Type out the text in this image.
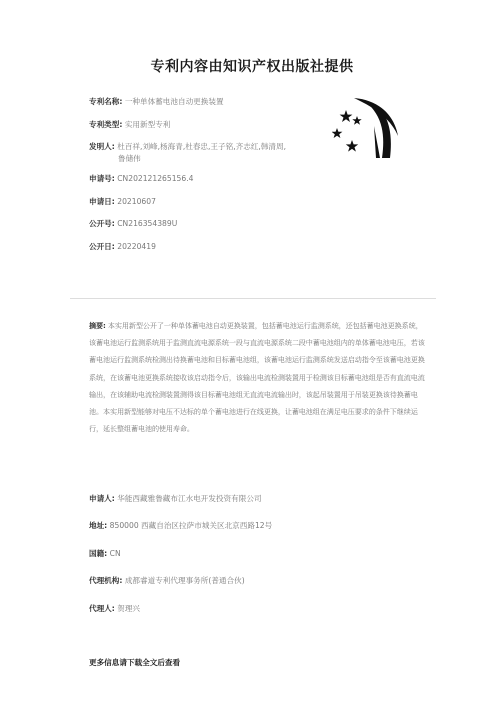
专利内容由知识产权出版社提供
专利名称: 一种单体蓄电池自动更换装置
专利类型: 实用新型专利
发明人: 杜百祥,刘峰,杨海青,杜春忠,王子铭,齐志红,韩清周,
鲁储伟
申请号: CN202121265156.4
申请日: 20210607
公开号: CN216354389U
公开日: 20220419
摘要: 本实用新型公开了一种单体蓄电池自动更换装置，包括蓄电池运行监测系统，还包括蓄电池更换系统，该蓄电池运行监测系统用于监测直流电源系统一段与直流电源系统二段中蓄电池组内的单体蓄电池电压，若该蓄电池运行监测系统检测出待换蓄电池和目标蓄电池组，该蓄电池运行监测系统发送启动指令至该蓄电池更换系统，在该蓄电池更换系统接收该启动指令后，该输出电流检测装置用于检测该目标蓄电池组是否有直流电流输出，在该辅助电流检测装置测得该目标蓄电池组无直流电流输出时，该起吊装置用于吊装更换该待换蓄电池。本实用新型能够对电压不达标的单个蓄电池进行在线更换，让蓄电池组在满足电压要求的条件下继续运行，延长整组蓄电池的使用寿命。
申请人: 华能西藏雅鲁藏布江水电开发投资有限公司
地址: 850000 西藏自治区拉萨市城关区北京西路12号
国籍: CN
代理机构: 成都睿道专利代理事务所(普通合伙)
代理人: 贺理兴
更多信息请下载全文后查看
